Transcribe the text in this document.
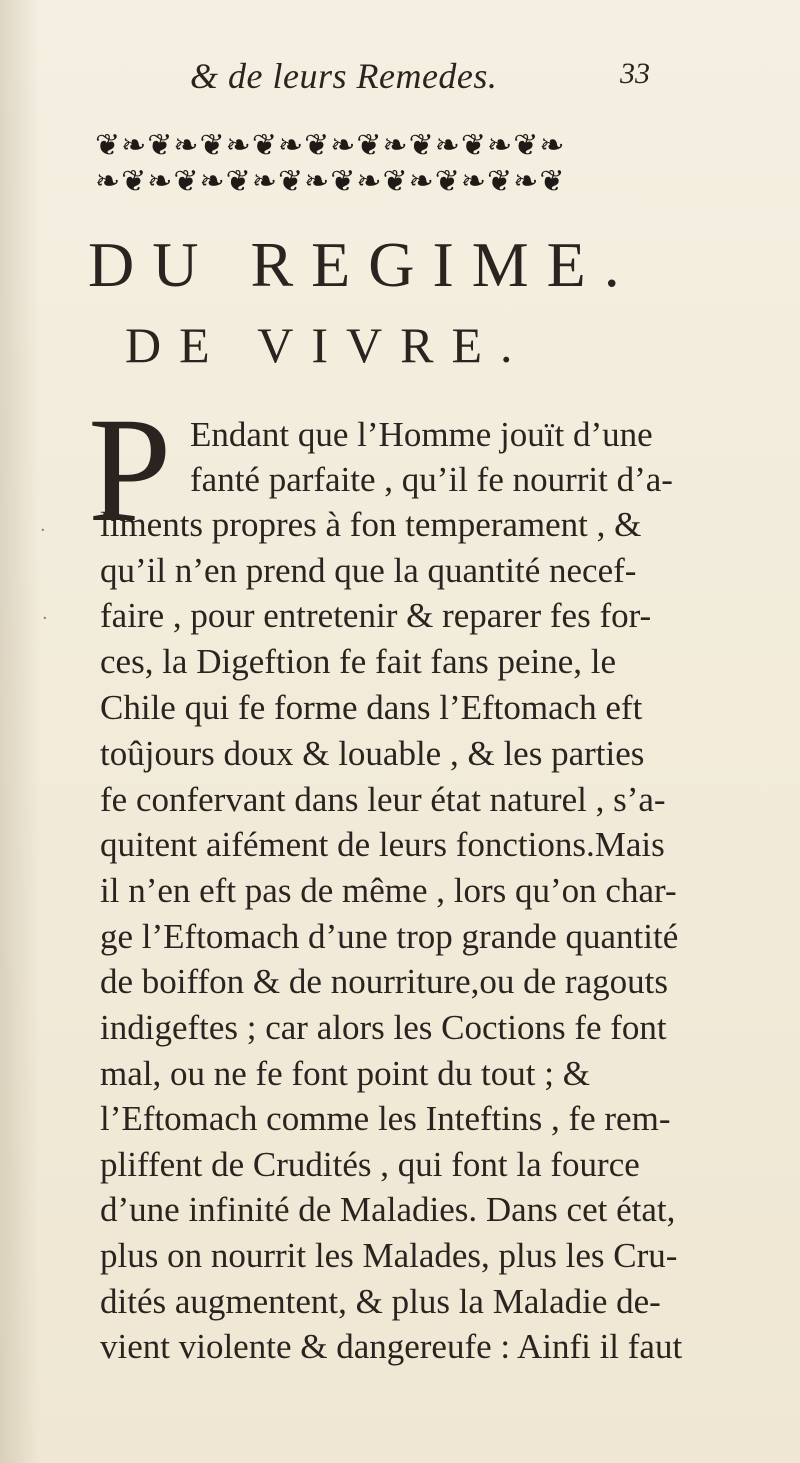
& de leurs Remedes.	33
❦❧❦❧❦❧❦❧❦❧❦❧❦❧❦❧❦❧
❧❦❧❦❧❦❧❦❧❦❧❦❧❦❧❦❧❦
DU REGIME.
DE VIVRE.
P Endant que l’Homme jouït d’une
fanté parfaite , qu’il fe nourrit d’a-
liments propres à fon temperament , &
qu’il n’en prend que la quantité necef-
faire , pour entretenir & reparer fes for-
ces, la Digeftion fe fait fans peine, le
Chile qui fe forme dans l’Eftomach eft
toûjours doux & louable , & les parties
fe confervant dans leur état naturel , s’a-
quitent aifément de leurs fonctions.Mais
il n’en eft pas de même , lors qu’on char-
ge l’Eftomach d’une trop grande quantité
de boiffon & de nourriture,ou de ragouts
indigeftes ; car alors les Coctions fe font
mal, ou ne fe font point du tout ; &
l’Eftomach comme les Inteftins , fe rem-
pliffent de Crudités , qui font la fource
d’une infinité de Maladies. Dans cet état,
plus on nourrit les Malades, plus les Cru-
dités augmentent, & plus la Maladie de-
vient violente & dangereufe : Ainfi il faut
·
·
